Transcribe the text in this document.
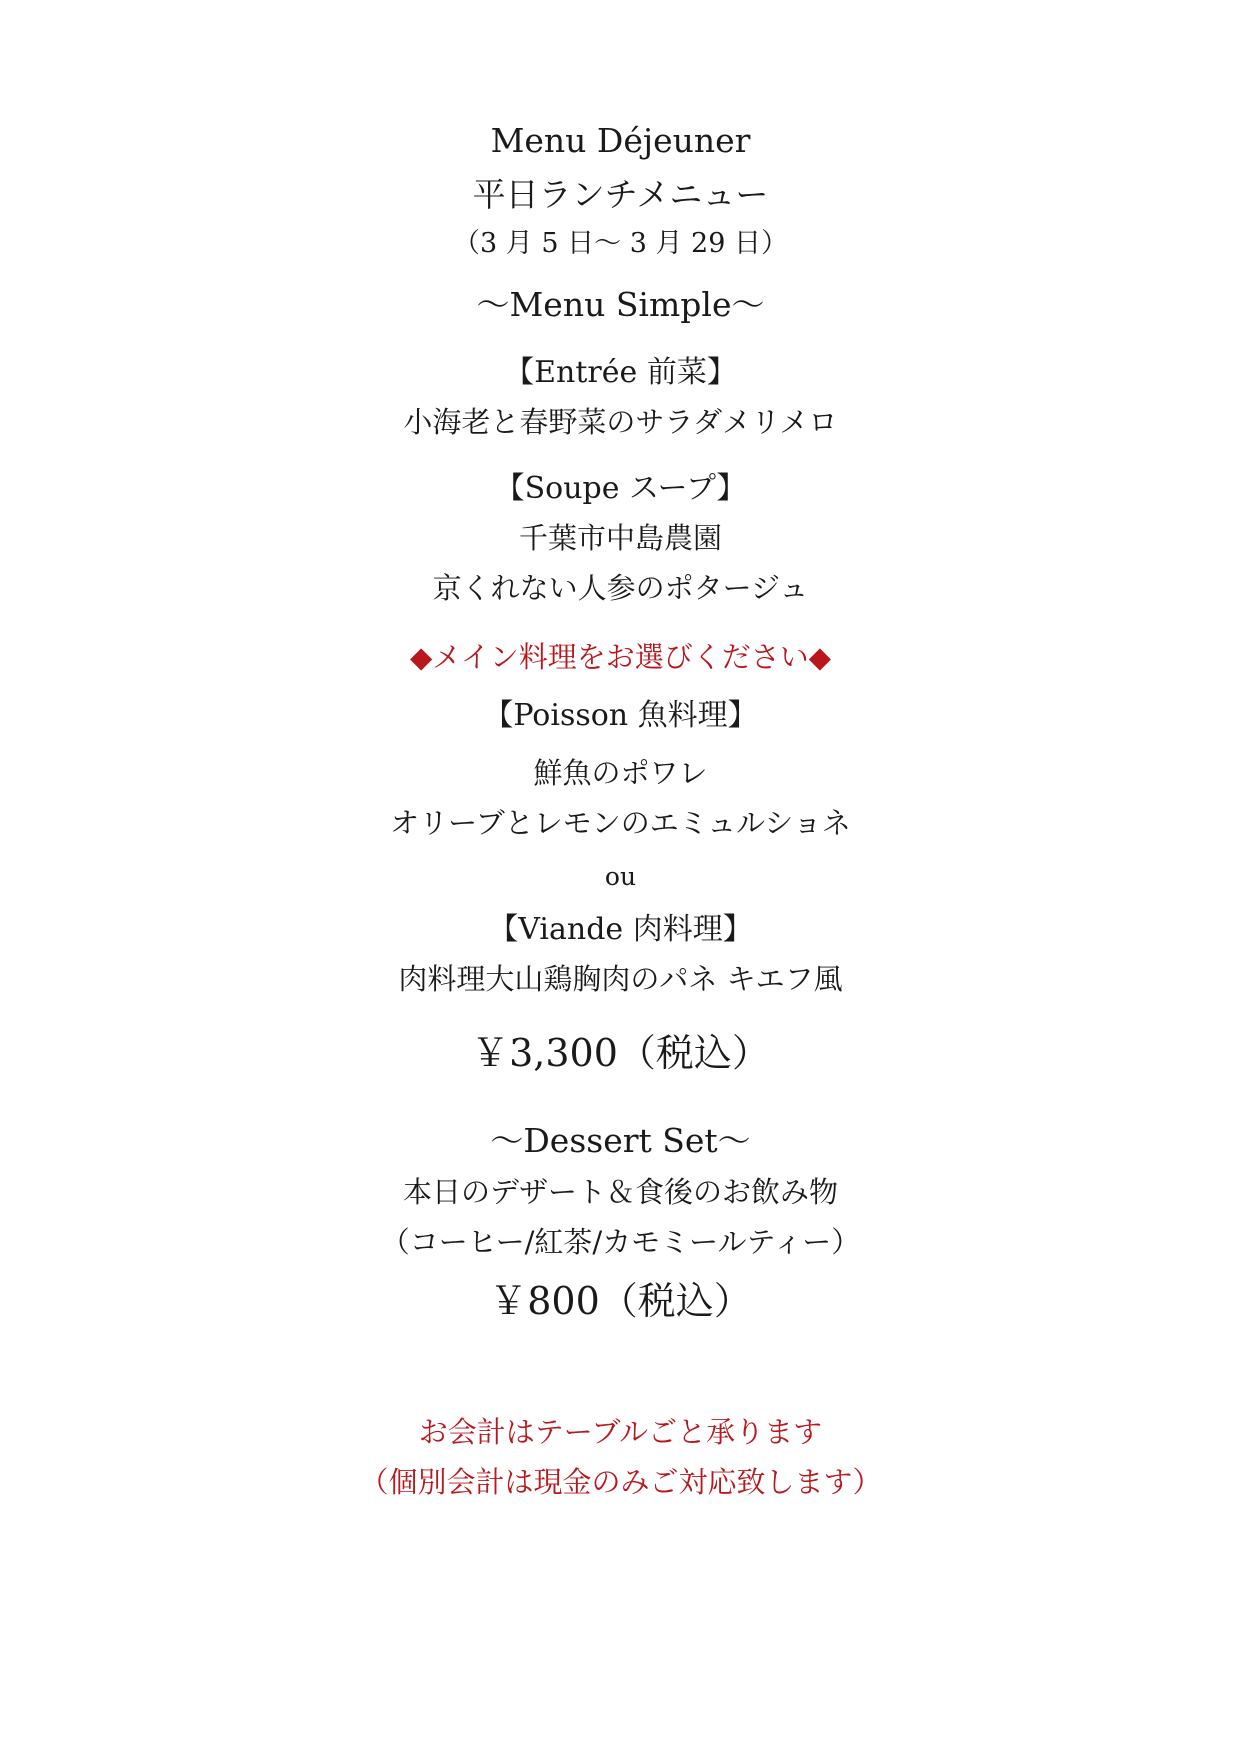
Menu Déjeuner
平日ランチメニュー
（3 月 5 日〜 3 月 29 日）
〜Menu Simple〜
【Entrée 前菜】
小海老と春野菜のサラダメリメロ
【Soupe スープ】
千葉市中島農園
京くれない人参のポタージュ
◆メイン料理をお選びください◆
【Poisson 魚料理】
鮮魚のポワレ
オリーブとレモンのエミュルショネ
ou
【Viande 肉料理】
肉料理大山鶏胸肉のパネ キエフ風
￥3,300（税込）
〜Dessert Set〜
本日のデザート＆食後のお飲み物
（コーヒー/紅茶/カモミールティー）
￥800（税込）
お会計はテーブルごと承ります
（個別会計は現金のみご対応致します）
